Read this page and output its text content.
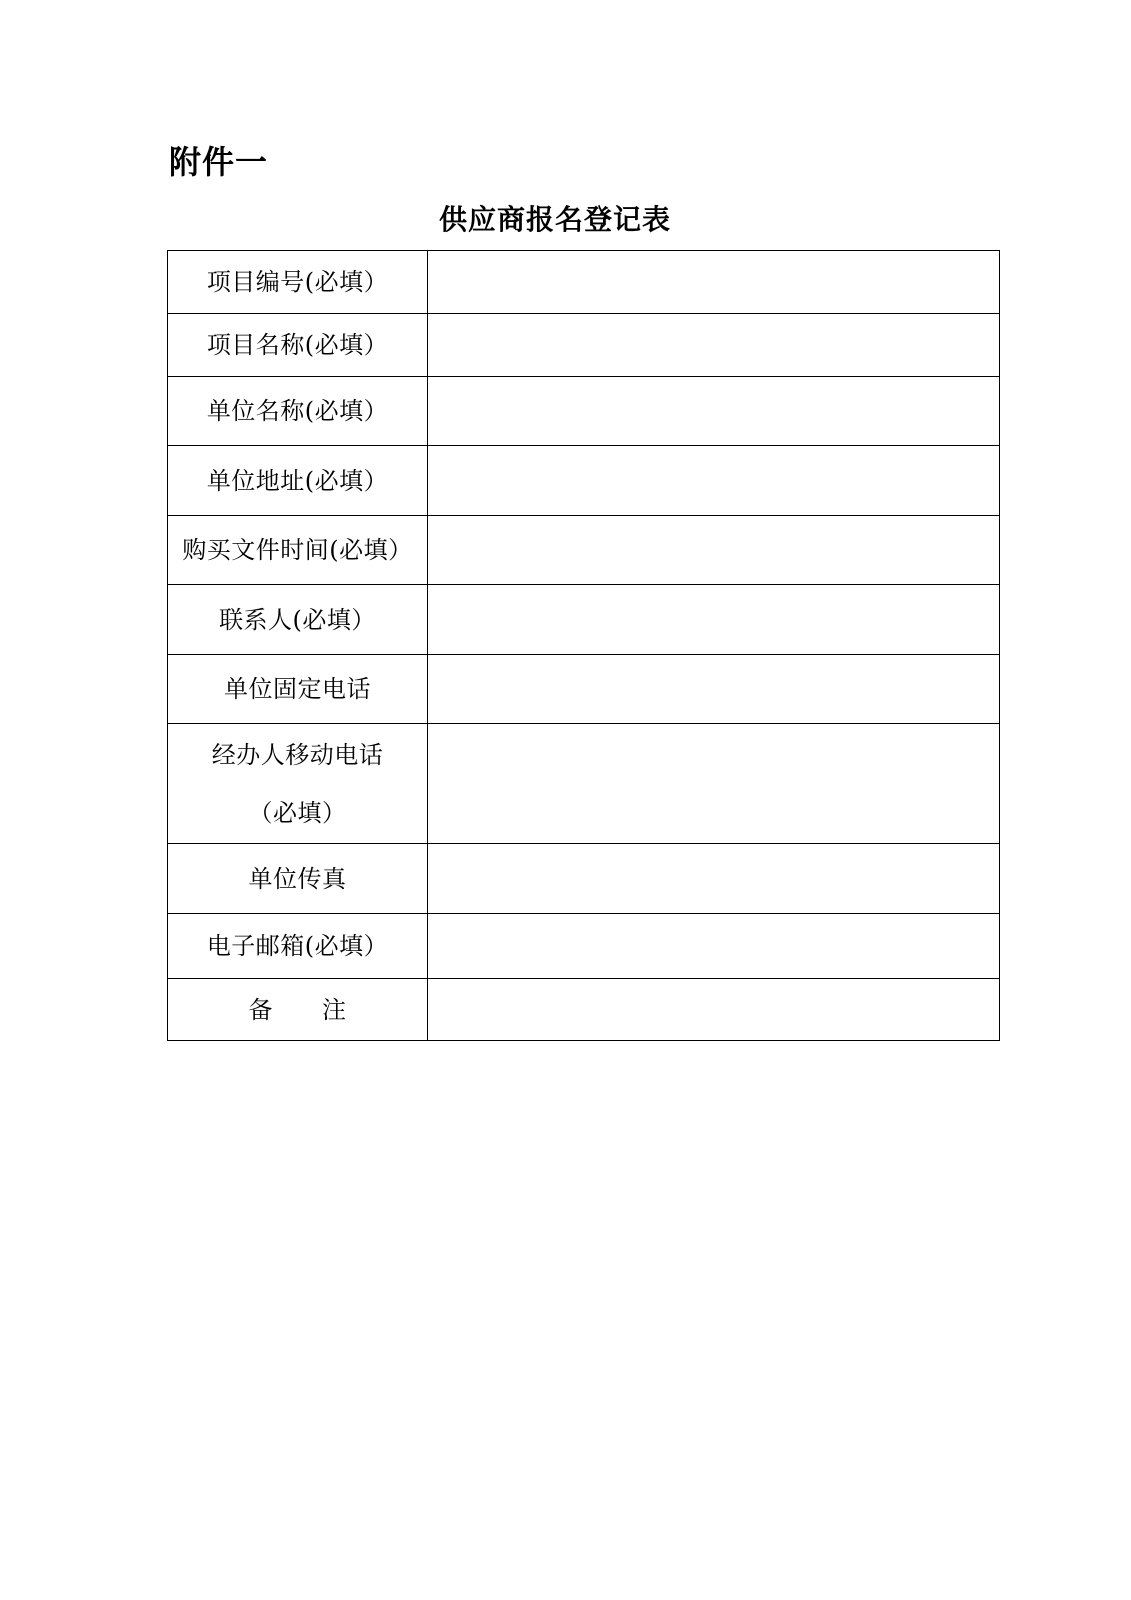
附件一
供应商报名登记表
项目编号(必填）	
项目名称(必填）	
单位名称(必填）	
单位地址(必填）	
购买文件时间(必填）	
联系人(必填）	
单位固定电话	

经办人移动电话
（必填）	

单位传真	
电子邮箱(必填）	
备　　注	
